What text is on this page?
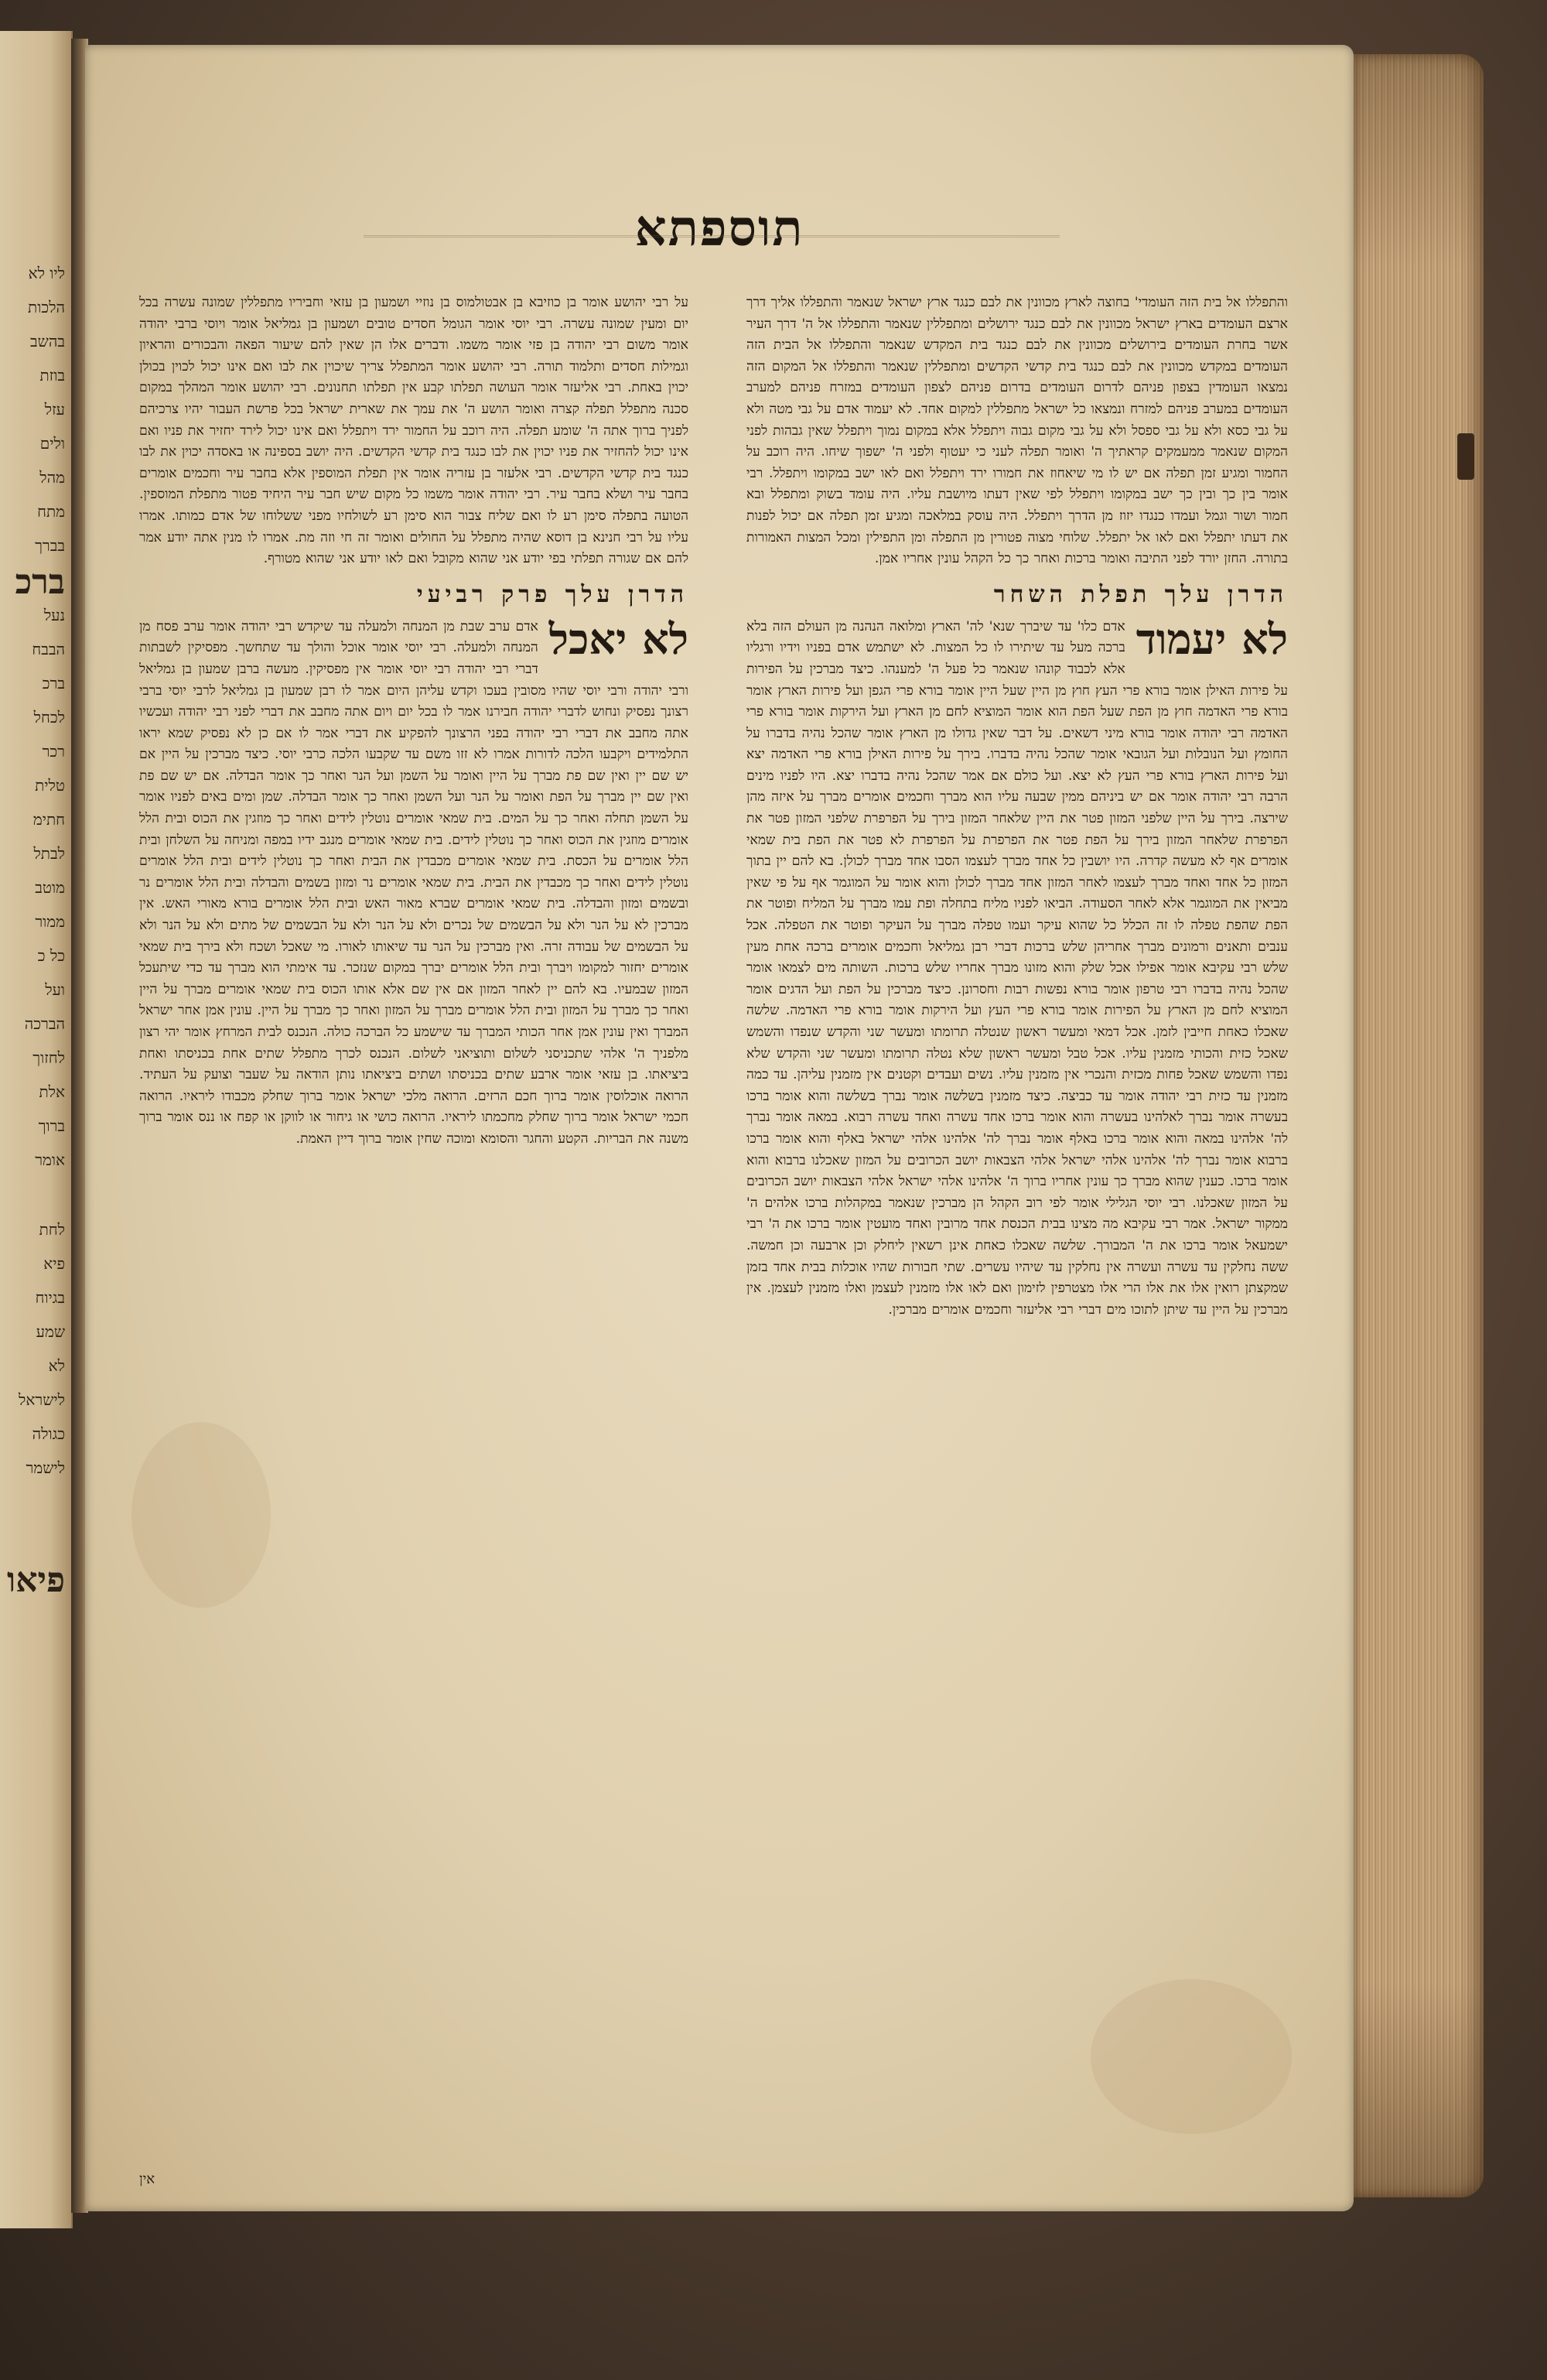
ליו לא
הלכות
בהשב
בוזת
עזל
ולים
מהל
מתח
בברך
נעל
הבבח
ברכ
לכחל
רכר
טלית
חתימ
לבתל
מוטב
ממור
כל כ
ועל
הברכה
לחזוך
אלת
ברוך
אומר
לחת
פיא
בגיוח
שמע
לא
לישראל
כגולה
לישמר
ברכ
פיאו
תוספתא

והתפללו אל בית הזה העומדי' בחוצה לארץ מכוונין את לבם כנגד ארץ ישראל שנאמר והתפללו אליך דרך ארצם העומדים בארץ ישראל מכוונין את לבם כנגד ירושלים ומתפללין שנאמר והתפללו אל ה' דרך העיר אשר בחרת העומדים בירושלים מכוונין את לבם כנגד בית המקדש שנאמר והתפללו אל הבית הזה העומדים במקדש מכוונין את לבם כנגד בית קדשי הקדשים ומתפללין שנאמר והתפללו אל המקום הזה נמצאו העומדין בצפון פניהם לדרום העומדים בדרום פניהם לצפון העומדים במזרח פניהם למערב העומדים במערב פניהם למזרח ונמצאו כל ישראל מתפללין למקום אחד. לא יעמוד אדם על גבי מטה ולא על גבי כסא ולא על גבי ספסל ולא על גבי מקום גבוה ויתפלל אלא במקום נמוך ויתפלל שאין גבהות לפני המקום שנאמר ממעמקים קראתיך ה' ואומר תפלה לעני כי יעטוף ולפני ה' ישפוך שיחו. היה רוכב על החמור ומגיע זמן תפלה אם יש לו מי שיאחוז את חמורו ירד ויתפלל ואם לאו ישב במקומו ויתפלל. רבי אומר בין כך ובין כך ישב במקומו ויתפלל לפי שאין דעתו מיושבת עליו. היה עומד בשוק ומתפלל ובא חמור ושור וגמל ועמדו כנגדו יזוז מן הדרך ויתפלל. היה עוסק במלאכה ומגיע זמן תפלה אם יכול לפנות את דעתו יתפלל ואם לאו אל יתפלל. שלוחי מצוה פטורין מן התפלה ומן התפילין ומכל המצות האמורות בתורה. החזן יורד לפני התיבה ואומר ברכות ואחר כך כל הקהל עונין אחריו אמן.

הדרן עלך תפלת השחר

לא יעמוד
אדם כלו' עד שיברך שנא' לה' הארץ ומלואה הנהנה מן העולם הזה בלא ברכה מעל עד שיתירו לו כל המצות. לא ישתמש אדם בפניו וידיו ורגליו אלא לכבוד קונהו שנאמר כל פעל ה' למענהו. כיצד מברכין על הפירות על פירות האילן אומר בורא פרי העץ חוץ מן היין שעל היין אומר בורא פרי הגפן ועל פירות הארץ אומר בורא פרי האדמה חוץ מן הפת שעל הפת הוא אומר המוציא לחם מן הארץ ועל הירקות אומר בורא פרי האדמה רבי יהודה אומר בורא מיני דשאים. על דבר שאין גדולו מן הארץ אומר שהכל נהיה בדברו על החומץ ועל הנובלות ועל הגובאי אומר שהכל נהיה בדברו. בירך על פירות האילן בורא פרי האדמה יצא ועל פירות הארץ בורא פרי העץ לא יצא. ועל כולם אם אמר שהכל נהיה בדברו יצא. היו לפניו מינים הרבה רבי יהודה אומר אם יש ביניהם ממין שבעה עליו הוא מברך וחכמים אומרים מברך על איזה מהן שירצה. בירך על היין שלפני המזון פטר את היין שלאחר המזון בירך על הפרפרת שלפני המזון פטר את הפרפרת שלאחר המזון בירך על הפת פטר את הפרפרת על הפרפרת לא פטר את הפת בית שמאי אומרים אף לא מעשה קדרה. היו יושבין כל אחד מברך לעצמו הסבו אחד מברך לכולן. בא להם יין בתוך המזון כל אחד ואחד מברך לעצמו לאחר המזון אחד מברך לכולן והוא אומר על המוגמר אף על פי שאין מביאין את המוגמר אלא לאחר הסעודה. הביאו לפניו מליח בתחלה ופת עמו מברך על המליח ופוטר את הפת שהפת טפלה לו זה הכלל כל שהוא עיקר ועמו טפלה מברך על העיקר ופוטר את הטפלה. אכל ענבים ותאנים ורמונים מברך אחריהן שלש ברכות דברי רבן גמליאל וחכמים אומרים ברכה אחת מעין שלש רבי עקיבא אומר אפילו אכל שלק והוא מזונו מברך אחריו שלש ברכות. השותה מים לצמאו אומר שהכל נהיה בדברו רבי טרפון אומר בורא נפשות רבות וחסרונן. כיצד מברכין על הפת ועל הדגים אומר המוציא לחם מן הארץ על הפירות אומר בורא פרי העץ ועל הירקות אומר בורא פרי האדמה. שלשה שאכלו כאחת חייבין לזמן. אכל דמאי ומעשר ראשון שנטלה תרומתו ומעשר שני והקדש שנפדו והשמש שאכל כזית והכותי מזמנין עליו. אכל טבל ומעשר ראשון שלא נטלה תרומתו ומעשר שני והקדש שלא נפדו והשמש שאכל פחות מכזית והנכרי אין מזמנין עליו. נשים ועבדים וקטנים אין מזמנין עליהן. עד כמה מזמנין עד כזית רבי יהודה אומר עד כביצה. כיצד מזמנין בשלשה אומר נברך בשלשה והוא אומר ברכו בעשרה אומר נברך לאלהינו בעשרה והוא אומר ברכו אחד עשרה ואחד עשרה רבוא. במאה אומר נברך לה' אלהינו במאה והוא אומר ברכו באלף אומר נברך לה' אלהינו אלהי ישראל באלף והוא אומר ברכו ברבוא אומר נברך לה' אלהינו אלהי ישראל אלהי הצבאות יושב הכרובים על המזון שאכלנו ברבוא והוא אומר ברכו. כענין שהוא מברך כך עונין אחריו ברוך ה' אלהינו אלהי ישראל אלהי הצבאות יושב הכרובים על המזון שאכלנו. רבי יוסי הגלילי אומר לפי רוב הקהל הן מברכין שנאמר במקהלות ברכו אלהים ה' ממקור ישראל. אמר רבי עקיבא מה מצינו בבית הכנסת אחד מרובין ואחד מועטין אומר ברכו את ה' רבי ישמעאל אומר ברכו את ה' המבורך. שלשה שאכלו כאחת אינן רשאין ליחלק וכן ארבעה וכן חמשה. ששה נחלקין עד עשרה ועשרה אין נחלקין עד שיהיו עשרים. שתי חבורות שהיו אוכלות בבית אחד בזמן שמקצתן רואין אלו את אלו הרי אלו מצטרפין לזימון ואם לאו אלו מזמנין לעצמן ואלו מזמנין לעצמן. אין מברכין על היין עד שיתן לתוכו מים דברי רבי אליעזר וחכמים אומרים מברכין.

על רבי יהושע אומר בן כוזיבא בן אבטולמוס בן נוזיי ושמעון בן עזאי וחביריו מתפללין שמונה עשרה בכל יום ומעין שמונה עשרה. רבי יוסי אומר הגומל חסדים טובים ושמעון בן גמליאל אומר ויוסי ברבי יהודה אומר משום רבי יהודה בן פזי אומר משמו. ודברים אלו הן שאין להם שיעור הפאה והבכורים והראיון וגמילות חסדים ותלמוד תורה. רבי יהושע אומר המתפלל צריך שיכוין את לבו ואם אינו יכול לכוין בכולן יכוין באחת. רבי אליעזר אומר העושה תפלתו קבע אין תפלתו תחנונים. רבי יהושע אומר המהלך במקום סכנה מתפלל תפלה קצרה ואומר הושע ה' את עמך את שארית ישראל בכל פרשת העבור יהיו צרכיהם לפניך ברוך אתה ה' שומע תפלה. היה רוכב על החמור ירד ויתפלל ואם אינו יכול לירד יחזיר את פניו ואם אינו יכול להחזיר את פניו יכוין את לבו כנגד בית קדשי הקדשים. היה יושב בספינה או באסדה יכוין את לבו כנגד בית קדשי הקדשים. רבי אלעזר בן עזריה אומר אין תפלת המוספין אלא בחבר עיר וחכמים אומרים בחבר עיר ושלא בחבר עיר. רבי יהודה אומר משמו כל מקום שיש חבר עיר היחיד פטור מתפלת המוספין. הטועה בתפלה סימן רע לו ואם שליח צבור הוא סימן רע לשולחיו מפני ששלוחו של אדם כמותו. אמרו עליו על רבי חנינא בן דוסא שהיה מתפלל על החולים ואומר זה חי וזה מת. אמרו לו מנין אתה יודע אמר להם אם שגורה תפלתי בפי יודע אני שהוא מקובל ואם לאו יודע אני שהוא מטורף.

הדרן עלך פרק רביעי

לא יאכל
אדם ערב שבת מן המנחה ולמעלה עד שיקדש רבי יהודה אומר ערב פסח מן המנחה ולמעלה. רבי יוסי אומר אוכל והולך עד שתחשך. מפסיקין לשבתות דברי רבי יהודה רבי יוסי אומר אין מפסיקין. מעשה ברבן שמעון בן גמליאל ורבי יהודה ורבי יוסי שהיו מסובין בעכו וקדש עליהן היום אמר לו רבן שמעון בן גמליאל לרבי יוסי ברבי רצונך נפסיק ונחוש לדברי יהודה חבירנו אמר לו בכל יום ויום אתה מחבב את דברי לפני רבי יהודה ועכשיו אתה מחבב את דברי רבי יהודה בפני הרצונך להפקיע את דברי אמר לו אם כן לא נפסיק שמא יראו התלמידים ויקבעו הלכה לדורות אמרו לא זזו משם עד שקבעו הלכה כרבי יוסי. כיצד מברכין על היין אם יש שם יין ואין שם פת מברך על היין ואומר על השמן ועל הנר ואחר כך אומר הבדלה. אם יש שם פת ואין שם יין מברך על הפת ואומר על הנר ועל השמן ואחר כך אומר הבדלה. שמן ומים באים לפניו אומר על השמן תחלה ואחר כך על המים. בית שמאי אומרים נוטלין לידים ואחר כך מוזגין את הכוס ובית הלל אומרים מוזגין את הכוס ואחר כך נוטלין לידים. בית שמאי אומרים מנגב ידיו במפה ומניחה על השלחן ובית הלל אומרים על הכסת. בית שמאי אומרים מכבדין את הבית ואחר כך נוטלין לידים ובית הלל אומרים נוטלין לידים ואחר כך מכבדין את הבית. בית שמאי אומרים נר ומזון בשמים והבדלה ובית הלל אומרים נר ובשמים ומזון והבדלה. בית שמאי אומרים שברא מאור האש ובית הלל אומרים בורא מאורי האש. אין מברכין לא על הנר ולא על הבשמים של נכרים ולא על הנר ולא על הבשמים של מתים ולא על הנר ולא על הבשמים של עבודה זרה. ואין מברכין על הנר עד שיאותו לאורו. מי שאכל ושכח ולא בירך בית שמאי אומרים יחזור למקומו ויברך ובית הלל אומרים יברך במקום שנזכר. עד אימתי הוא מברך עד כדי שיתעכל המזון שבמעיו. בא להם יין לאחר המזון אם אין שם אלא אותו הכוס בית שמאי אומרים מברך על היין ואחר כך מברך על המזון ובית הלל אומרים מברך על המזון ואחר כך מברך על היין. עונין אמן אחר ישראל המברך ואין עונין אמן אחר הכותי המברך עד שישמע כל הברכה כולה. הנכנס לבית המרחץ אומר יהי רצון מלפניך ה' אלהי שתכניסני לשלום ותוציאני לשלום. הנכנס לכרך מתפלל שתים אחת בכניסתו ואחת ביציאתו. בן עזאי אומר ארבע שתים בכניסתו ושתים ביציאתו נותן הודאה על שעבר וצועק על העתיד. הרואה אוכלוסין אומר ברוך חכם הרזים. הרואה מלכי ישראל אומר ברוך שחלק מכבודו ליראיו. הרואה חכמי ישראל אומר ברוך שחלק מחכמתו ליראיו. הרואה כושי או גיחור או לווקן או קפח או ננס אומר ברוך משנה את הבריות. הקטע והחגר והסומא ומוכה שחין אומר ברוך דיין האמת.

אין
